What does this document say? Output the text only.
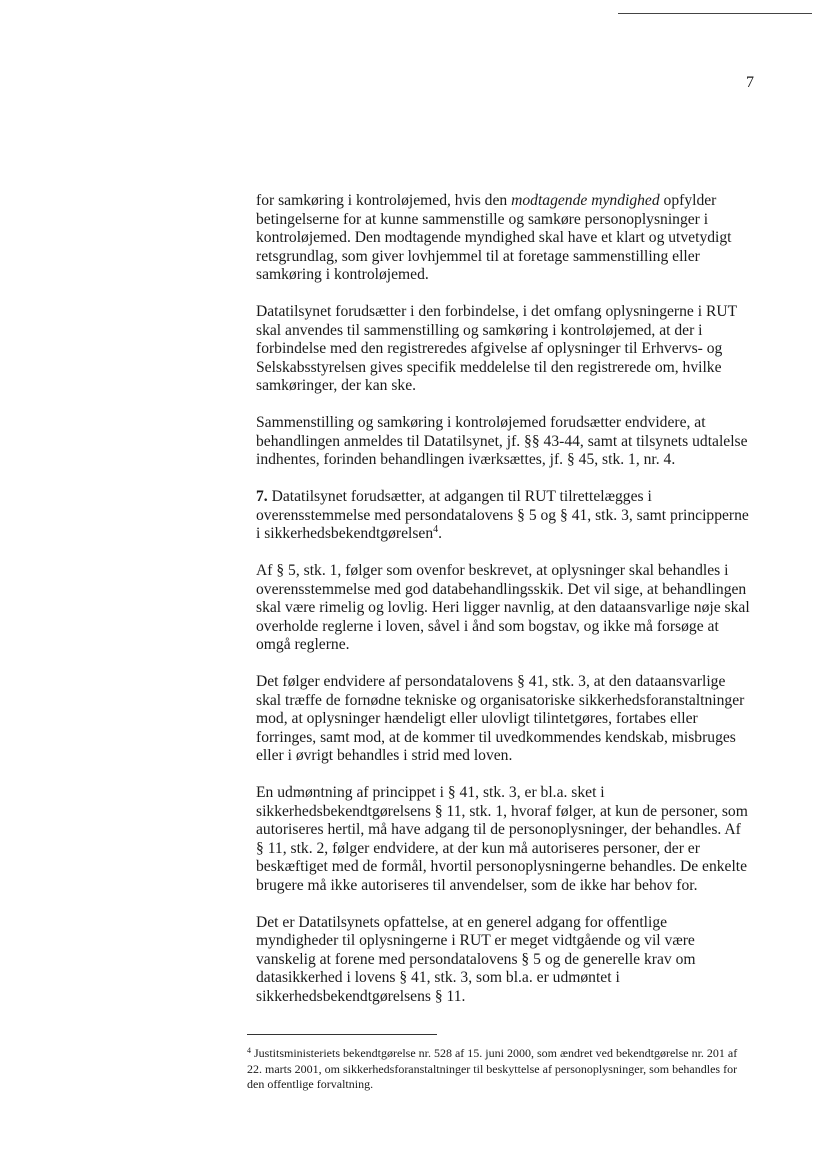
7

for samkøring i kontroløjemed, hvis den modtagende myndighed opfylder betingelserne for at kunne sammenstille og samkøre personoplysninger i kontroløjemed. Den modtagende myndighed skal have et klart og utvetydigt retsgrundlag, som giver lovhjemmel til at foretage sammenstilling eller samkøring i kontroløjemed.

Datatilsynet forudsætter i den forbindelse, i det omfang oplysningerne i RUT skal anvendes til sammenstilling og samkøring i kontroløjemed, at der i forbindelse med den registreredes afgivelse af oplysninger til Erhvervs- og Selskabsstyrelsen gives specifik meddelelse til den registrerede om, hvilke samkøringer, der kan ske.

Sammenstilling og samkøring i kontroløjemed forudsætter endvidere, at behandlingen anmeldes til Datatilsynet, jf. §§ 43-44, samt at tilsynets udtalelse indhentes, forinden behandlingen iværksættes, jf. § 45, stk. 1, nr. 4.

7. Datatilsynet forudsætter, at adgangen til RUT tilrettelægges i overensstemmelse med persondatalovens § 5 og § 41, stk. 3, samt principperne i sikkerhedsbekendtgørelsen$^4$.

Af § 5, stk. 1, følger som ovenfor beskrevet, at oplysninger skal behandles i overensstemmelse med god databehandlingsskik. Det vil sige, at behandlingen skal være rimelig og lovlig. Heri ligger navnlig, at den dataansvarlige nøje skal overholde reglerne i loven, såvel i ånd som bogstav, og ikke må forsøge at omgå reglerne.

Det følger endvidere af persondatalovens § 41, stk. 3, at den dataansvarlige skal træffe de fornødne tekniske og organisatoriske sikkerhedsforanstaltninger mod, at oplysninger hændeligt eller ulovligt tilintetgøres, fortabes eller forringes, samt mod, at de kommer til uvedkommendes kendskab, misbruges eller i øvrigt behandles i strid med loven.

En udmøntning af princippet i § 41, stk. 3, er bl.a. sket i sikkerhedsbekendtgørelsens § 11, stk. 1, hvoraf følger, at kun de personer, som autoriseres hertil, må have adgang til de personoplysninger, der behandles. Af § 11, stk. 2, følger endvidere, at der kun må autoriseres personer, der er beskæftiget med de formål, hvortil personoplysningerne behandles. De enkelte brugere må ikke autoriseres til anvendelser, som de ikke har behov for.

Det er Datatilsynets opfattelse, at en generel adgang for offentlige myndigheder til oplysningerne i RUT er meget vidtgående og vil være vanskelig at forene med persondatalovens § 5 og de generelle krav om datasikkerhed i lovens § 41, stk. 3, som bl.a. er udmøntet i sikkerhedsbekendtgørelsens § 11.

$^4$ Justitsministeriets bekendtgørelse nr. 528 af 15. juni 2000, som ændret ved bekendtgørelse nr. 201 af 22. marts 2001, om sikkerhedsforanstaltninger til beskyttelse af personoplysninger, som behandles for den offentlige forvaltning.
